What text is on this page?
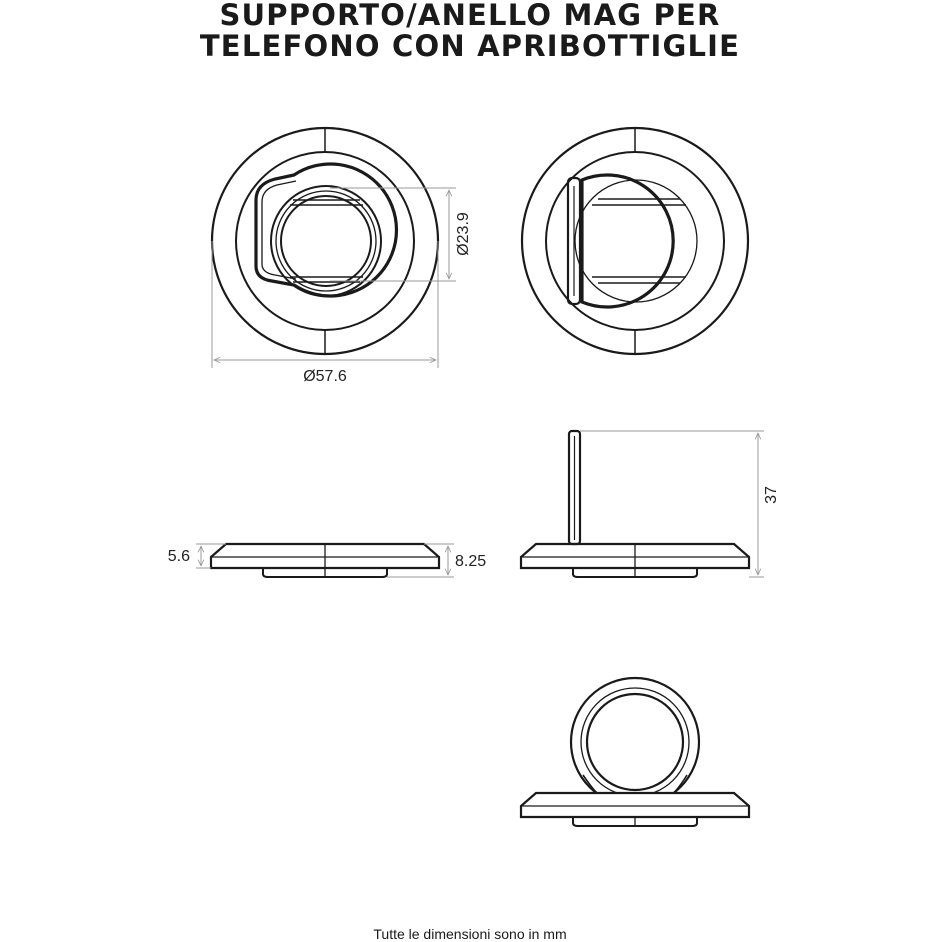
SUPPORTO/ANELLO MAG PER
TELEFONO CON APRIBOTTIGLIE
Ø23.9
Ø57.6
5.6	8.25
37
Tutte le dimensioni sono in mm
